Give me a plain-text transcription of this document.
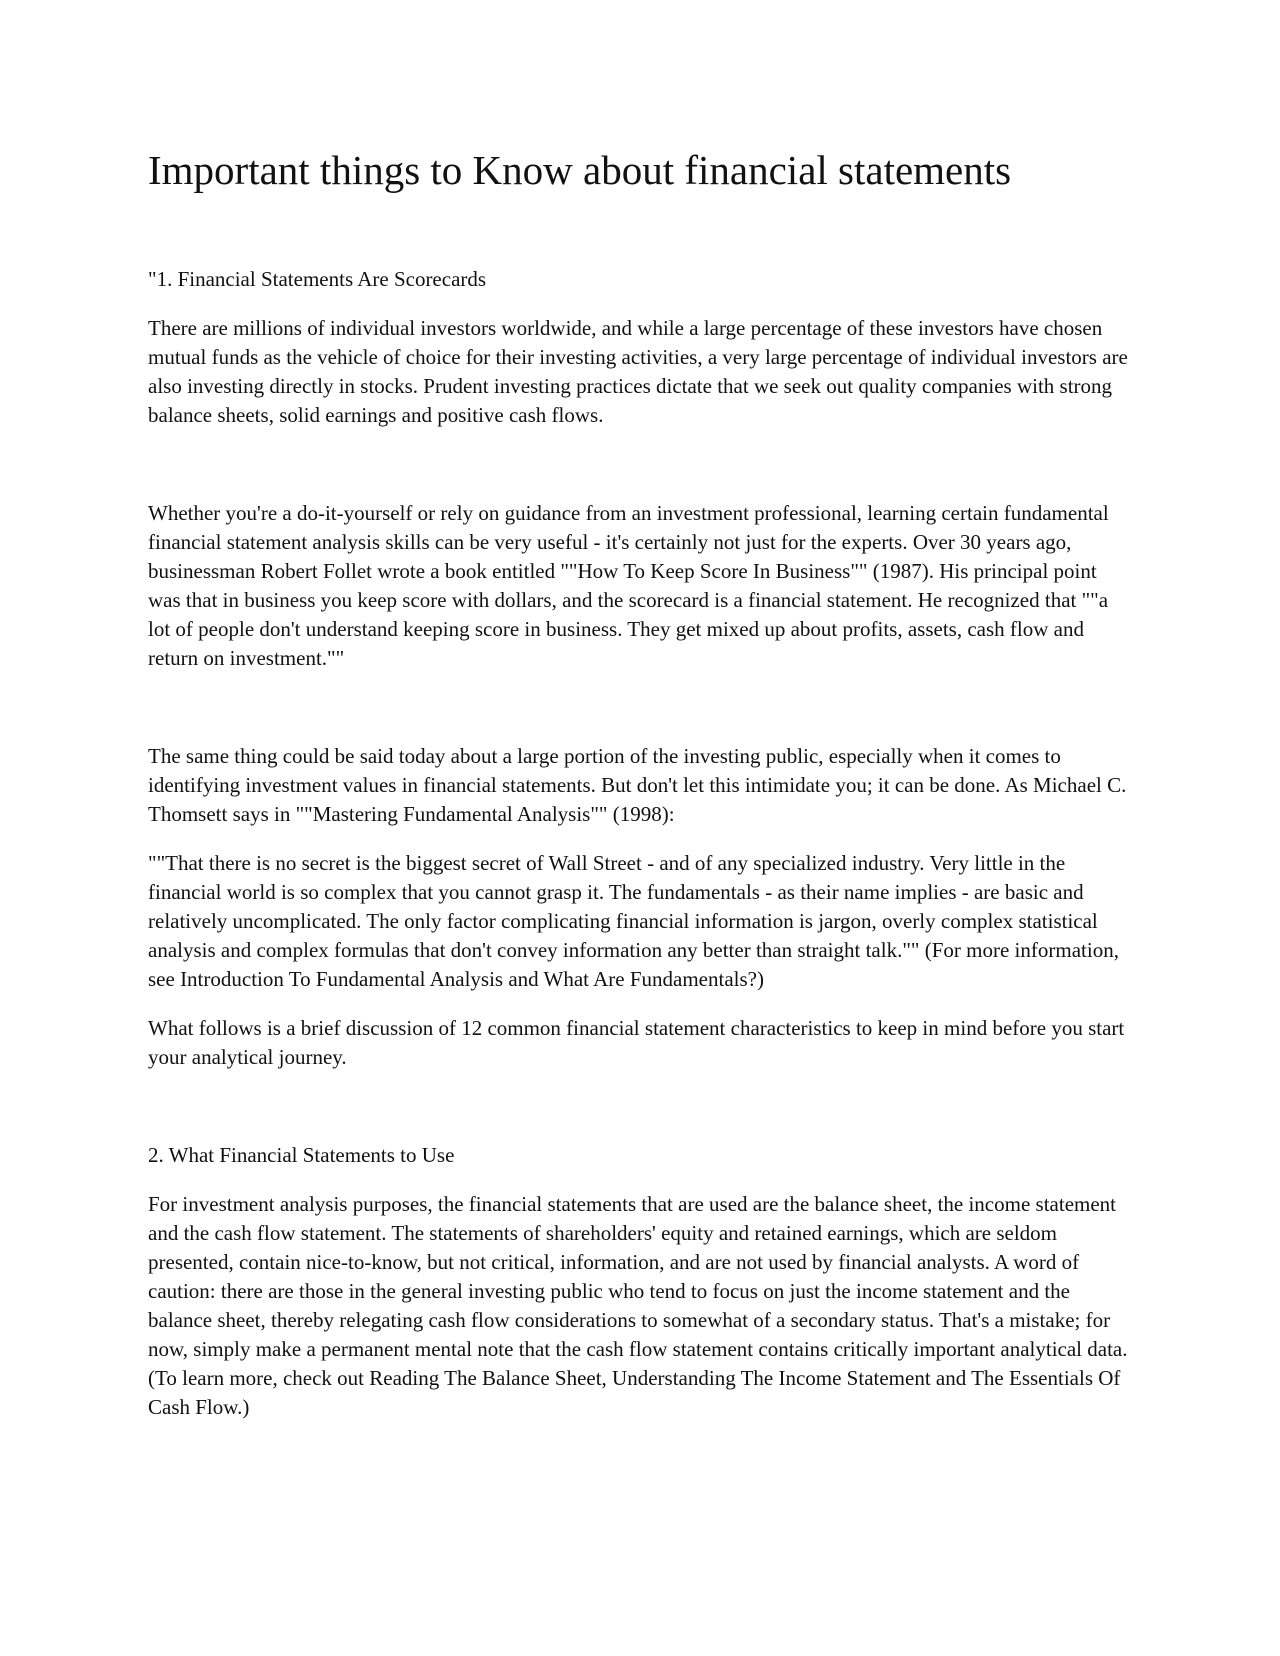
Important things to Know about financial statements

"1. Financial Statements Are Scorecards

There are millions of individual investors worldwide, and while a large percentage of these investors have chosen mutual funds as the vehicle of choice for their investing activities, a very large percentage of individual investors are also investing directly in stocks. Prudent investing practices dictate that we seek out quality companies with strong balance sheets, solid earnings and positive cash flows.

Whether you're a do-it-yourself or rely on guidance from an investment professional, learning certain fundamental financial statement analysis skills can be very useful - it's certainly not just for the experts. Over 30 years ago, businessman Robert Follet wrote a book entitled ""How To Keep Score In Business"" (1987). His principal point was that in business you keep score with dollars, and the scorecard is a financial statement. He recognized that ""a lot of people don't understand keeping score in business. They get mixed up about profits, assets, cash flow and return on investment.""

The same thing could be said today about a large portion of the investing public, especially when it comes to identifying investment values in financial statements. But don't let this intimidate you; it can be done. As Michael C. Thomsett says in ""Mastering Fundamental Analysis"" (1998):

""That there is no secret is the biggest secret of Wall Street - and of any specialized industry. Very little in the financial world is so complex that you cannot grasp it. The fundamentals - as their name implies - are basic and relatively uncomplicated. The only factor complicating financial information is jargon, overly complex statistical analysis and complex formulas that don't convey information any better than straight talk."" (For more information, see Introduction To Fundamental Analysis and What Are Fundamentals?)

What follows is a brief discussion of 12 common financial statement characteristics to keep in mind before you start your analytical journey.

2. What Financial Statements to Use

For investment analysis purposes, the financial statements that are used are the balance sheet, the income statement and the cash flow statement. The statements of shareholders' equity and retained earnings, which are seldom presented, contain nice-to-know, but not critical, information, and are not used by financial analysts. A word of caution: there are those in the general investing public who tend to focus on just the income statement and the balance sheet, thereby relegating cash flow considerations to somewhat of a secondary status. That's a mistake; for now, simply make a permanent mental note that the cash flow statement contains critically important analytical data. (To learn more, check out Reading The Balance Sheet, Understanding The Income Statement and The Essentials Of Cash Flow.)
